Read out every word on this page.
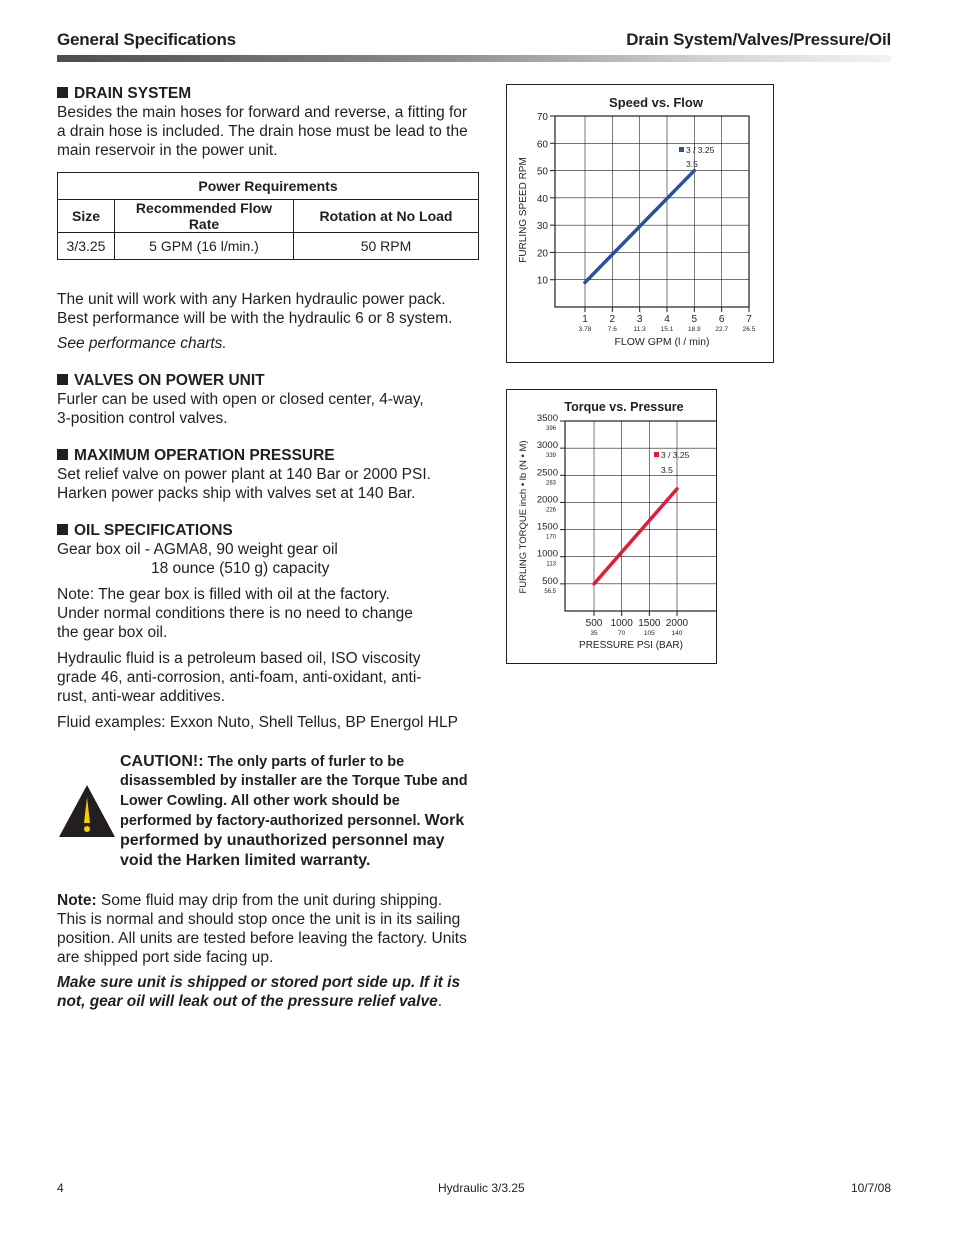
General Specifications	Drain System/Valves/Pressure/Oil

DRAIN SYSTEM

Besides the main hoses for forward and reverse, a fitting for a drain hose is included. The drain hose must be lead to the main reservoir in the power unit.

Power Requirements		
Size	Recommended Flow Rate	Rotation at No Load
3/3.25	5 GPM (16 l/min.)	50 RPM

The unit will work with any Harken hydraulic power pack. Best performance will be with the hydraulic 6 or 8 system.

See performance charts.

VALVES ON POWER UNIT

Furler can be used with open or closed center, 4-way, 3-position control valves.

MAXIMUM OPERATION PRESSURE

Set relief valve on power plant at 140 Bar or 2000 PSI.

Harken power packs ship with valves set at 140 Bar.

OIL SPECIFICATIONS

Gear box oil - AGMA8, 90 weight gear oil

18 ounce (510 g) capacity

Note: The gear box is filled with oil at the factory. Under normal conditions there is no need to change the gear box oil.

Hydraulic fluid is a petroleum based oil, ISO viscosity grade 46, anti-corrosion, anti-foam, anti-oxidant, anti-rust, anti-wear additives.

Fluid examples: Exxon Nuto, Shell Tellus, BP Energol HLP

CAUTION!: The only parts of furler to be disassembled by installer are the Torque Tube and Lower Cowling. All other work should be performed by factory-authorized personnel. Work performed by unauthorized personnel may void the Harken limited warranty.

Note: Some fluid may drip from the unit during shipping. This is normal and should stop once the unit is in its sailing position. All units are tested before leaving the factory. Units are shipped port side facing up.

Make sure unit is shipped or stored port side up. If it is not, gear oil will leak out of the pressure relief valve.

Speed vs. Flow
1
3.78
2
7.6
3
11.3
4
15.1
5
18.9
6
22.7
7
26.5
10
20
30
40
50
60
70
FLOW GPM (l / min)
FURLING SPEED RPM
3 / 3.25
3.5
Torque vs. Pressure
500
35
1000
70
1500
105
2000
140
500
56.5
1000
113
1500
170
2000
226
2500
283
3000
339
3500
396
PRESSURE PSI (BAR)
FURLING TORQUE inch • lb (N • M)	3 / 3.25
3.5
4	Hydraulic 3/3.25	10/7/08
